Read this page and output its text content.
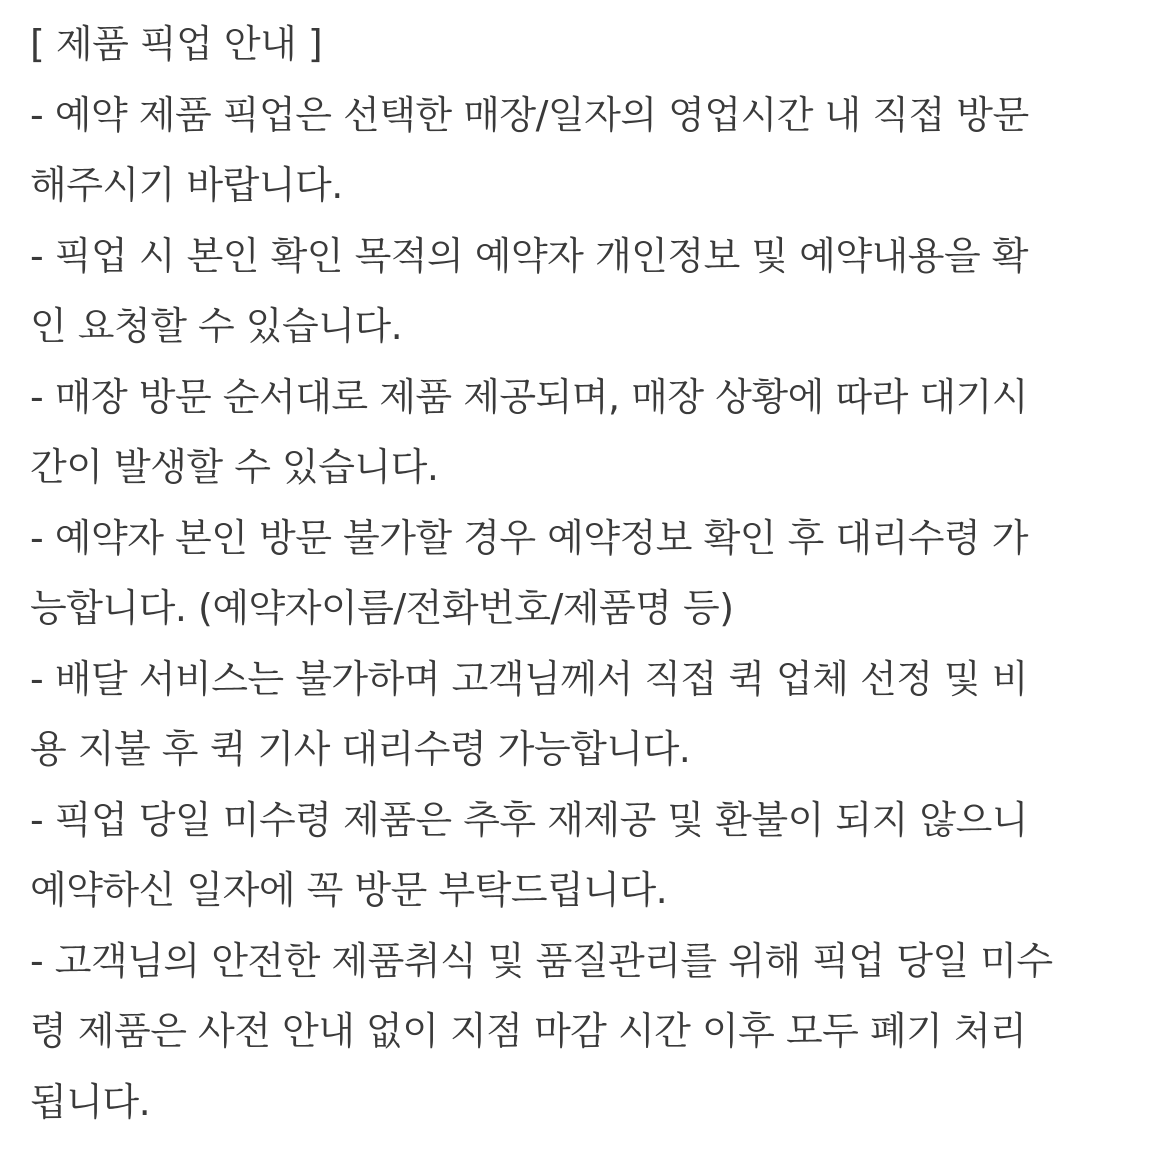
[ 제품 픽업 안내 ]
- 예약 제품 픽업은 선택한 매장/일자의 영업시간 내 직접 방문
해주시기 바랍니다.
- 픽업 시 본인 확인 목적의 예약자 개인정보 및 예약내용을 확
인 요청할 수 있습니다.
- 매장 방문 순서대로 제품 제공되며, 매장 상황에 따라 대기시
간이 발생할 수 있습니다.
- 예약자 본인 방문 불가할 경우 예약정보 확인 후 대리수령 가
능합니다. (예약자이름/전화번호/제품명 등)
- 배달 서비스는 불가하며 고객님께서 직접 퀵 업체 선정 및 비
용 지불 후 퀵 기사 대리수령 가능합니다.
- 픽업 당일 미수령 제품은 추후 재제공 및 환불이 되지 않으니
예약하신 일자에 꼭 방문 부탁드립니다.
- 고객님의 안전한 제품취식 및 품질관리를 위해 픽업 당일 미수
령 제품은 사전 안내 없이 지점 마감 시간 이후 모두 폐기 처리
됩니다.
